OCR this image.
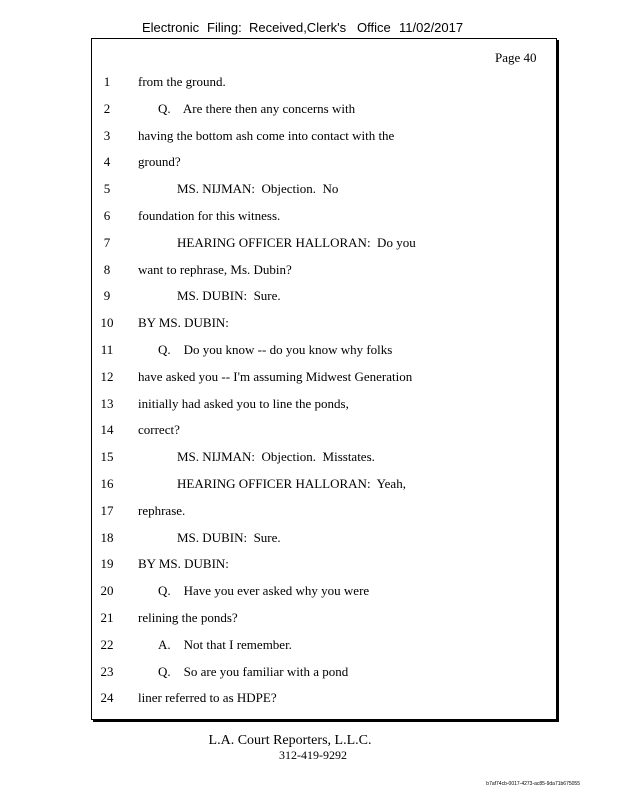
Electronic Filing: Received,Clerk's Office 11/02/2017
Page 40
1	from the ground.
2	Q.    Are there then any concerns with
3	having the bottom ash come into contact with the
4	ground?
5	MS. NIJMAN:  Objection.  No
6	foundation for this witness.
7	HEARING OFFICER HALLORAN:  Do you
8	want to rephrase, Ms. Dubin?
9	MS. DUBIN:  Sure.
10	BY MS. DUBIN:
11	Q.    Do you know -- do you know why folks
12	have asked you -- I'm assuming Midwest Generation
13	initially had asked you to line the ponds,
14	correct?
15	MS. NIJMAN:  Objection.  Misstates.
16	HEARING OFFICER HALLORAN:  Yeah,
17	rephrase.
18	MS. DUBIN:  Sure.
19	BY MS. DUBIN:
20	Q.    Have you ever asked why you were
21	relining the ponds?
22	A.    Not that I remember.
23	Q.    So are you familiar with a pond
24	liner referred to as HDPE?
L.A. Court Reporters, L.L.C.
312-419-9292
b7af74cb-0017-4273-ac85-9da71b675055
